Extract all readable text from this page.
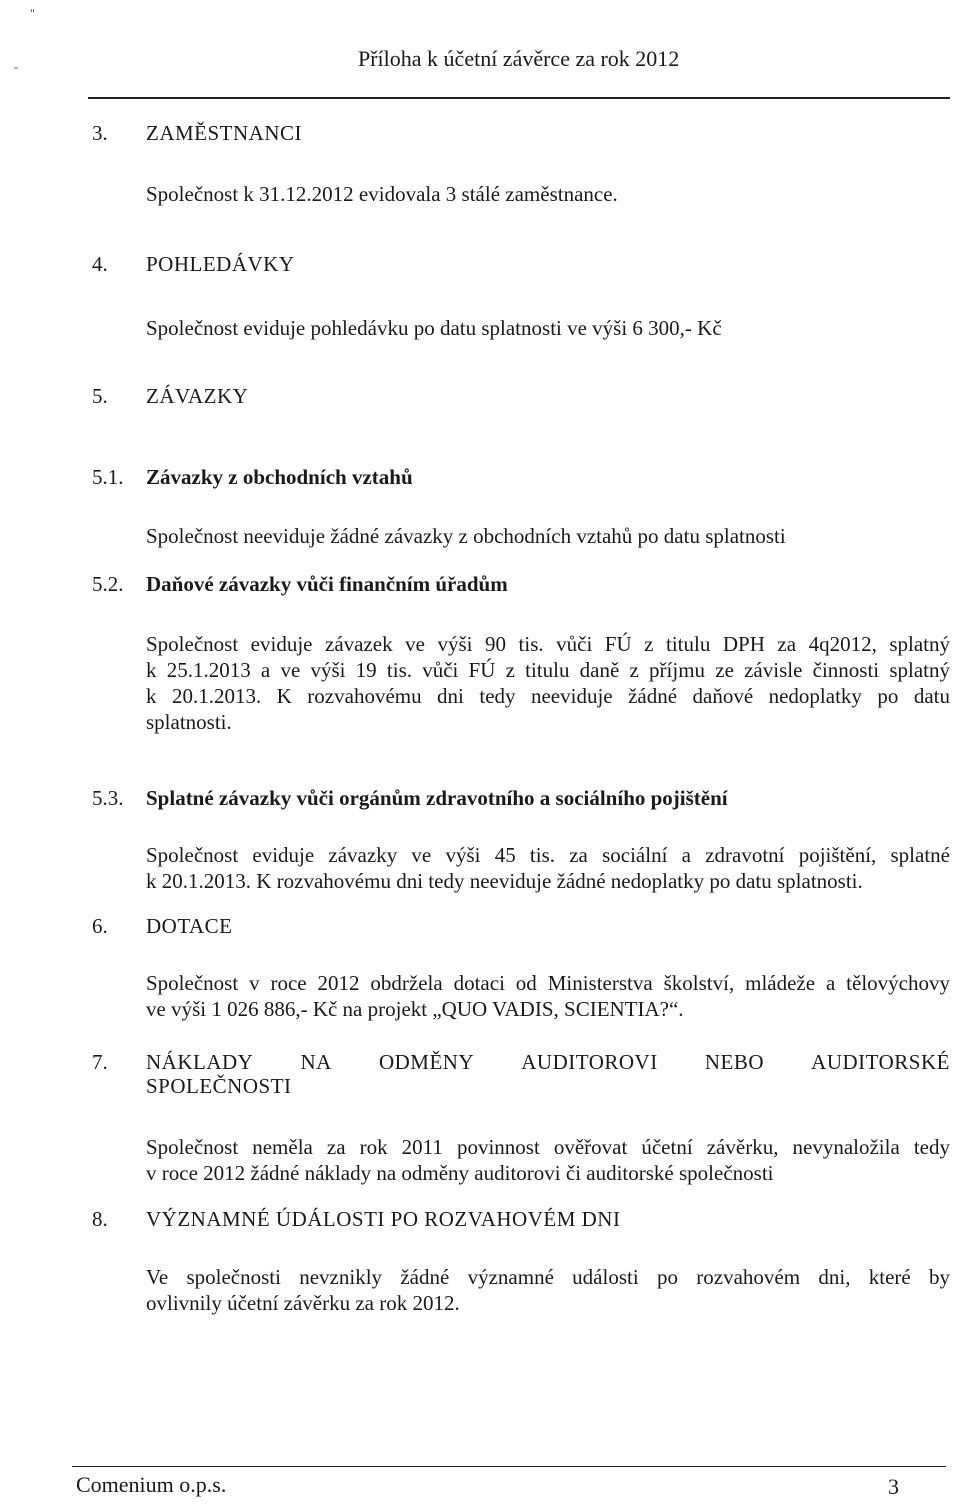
"
-	Příloha k účetní závěrce za rok 2012
3. ZAMĚSTNANCI
Společnost k 31.12.2012 evidovala 3 stálé zaměstnance.
4. POHLEDÁVKY
Společnost eviduje pohledávku po datu splatnosti ve výši 6 300,- Kč
5. ZÁVAZKY
5.1. Závazky z obchodních vztahů
Společnost neeviduje žádné závazky z obchodních vztahů po datu splatnosti
5.2. Daňové závazky vůči finančním úřadům
Společnost eviduje závazek ve výši 90 tis. vůči FÚ z titulu DPH za 4q2012, splatný
k 25.1.2013 a ve výši 19 tis. vůči FÚ z titulu daně z příjmu ze závisle činnosti splatný
k 20.1.2013. K rozvahovému dni tedy neeviduje žádné daňové nedoplatky po datu
splatnosti.
5.3. Splatné závazky vůči orgánům zdravotního a sociálního pojištění
Společnost eviduje závazky ve výši 45 tis. za sociální a zdravotní pojištění, splatné
k 20.1.2013. K rozvahovému dni tedy neeviduje žádné nedoplatky po datu splatnosti.
6. DOTACE
Společnost v roce 2012 obdržela dotaci od Ministerstva školství, mládeže a tělovýchovy
ve výši 1 026 886,- Kč na projekt „QUO VADIS, SCIENTIA?“.
7. NÁKLADY NA ODMĚNY AUDITOROVI NEBO AUDITORSKÉ
SPOLEČNOSTI
Společnost neměla za rok 2011 povinnost ověřovat účetní závěrku, nevynaložila tedy
v roce 2012 žádné náklady na odměny auditorovi či auditorské společnosti
8. VÝZNAMNÉ ÚDÁLOSTI PO ROZVAHOVÉM DNI
Ve společnosti nevznikly žádné významné události po rozvahovém dni, které by
ovlivnily účetní závěrku za rok 2012.
Comenium o.p.s.	3
